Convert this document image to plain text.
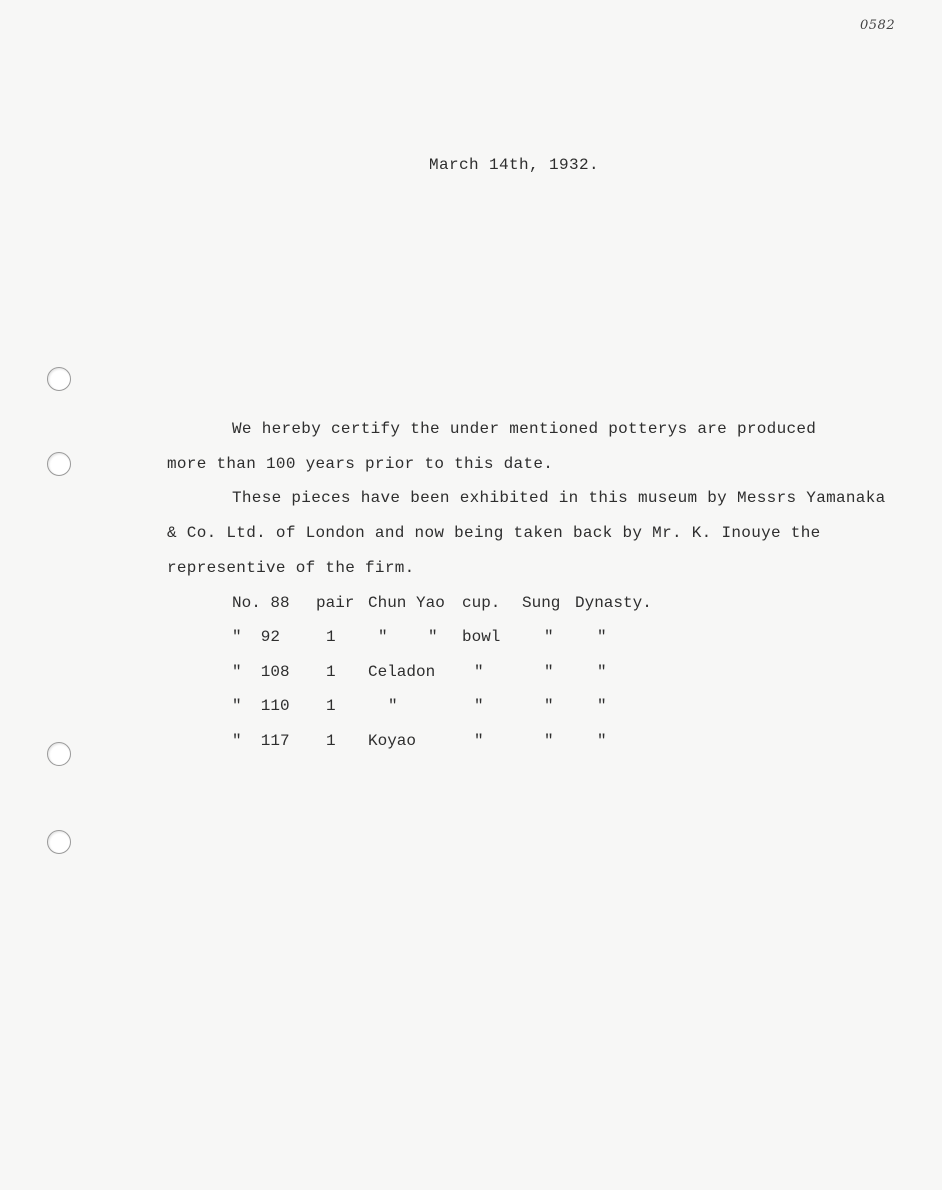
0582
March 14th, 1932.
We hereby certify the under mentioned potterys are produced
more than 100 years prior to this date.
These pieces have been exhibited in this museum by Messrs Yamanaka
& Co. Ltd. of London and now being taken back by Mr. K. Inouye the
representive of the firm.
No. 88 pair Chun Yao cup. Sung Dynasty.
"  92	1	"	" bowl	"	"
"  108 1 Celadon "	"	"
"  110 1	"	"	"	"
"  117 1 Koyao	"	"	"
